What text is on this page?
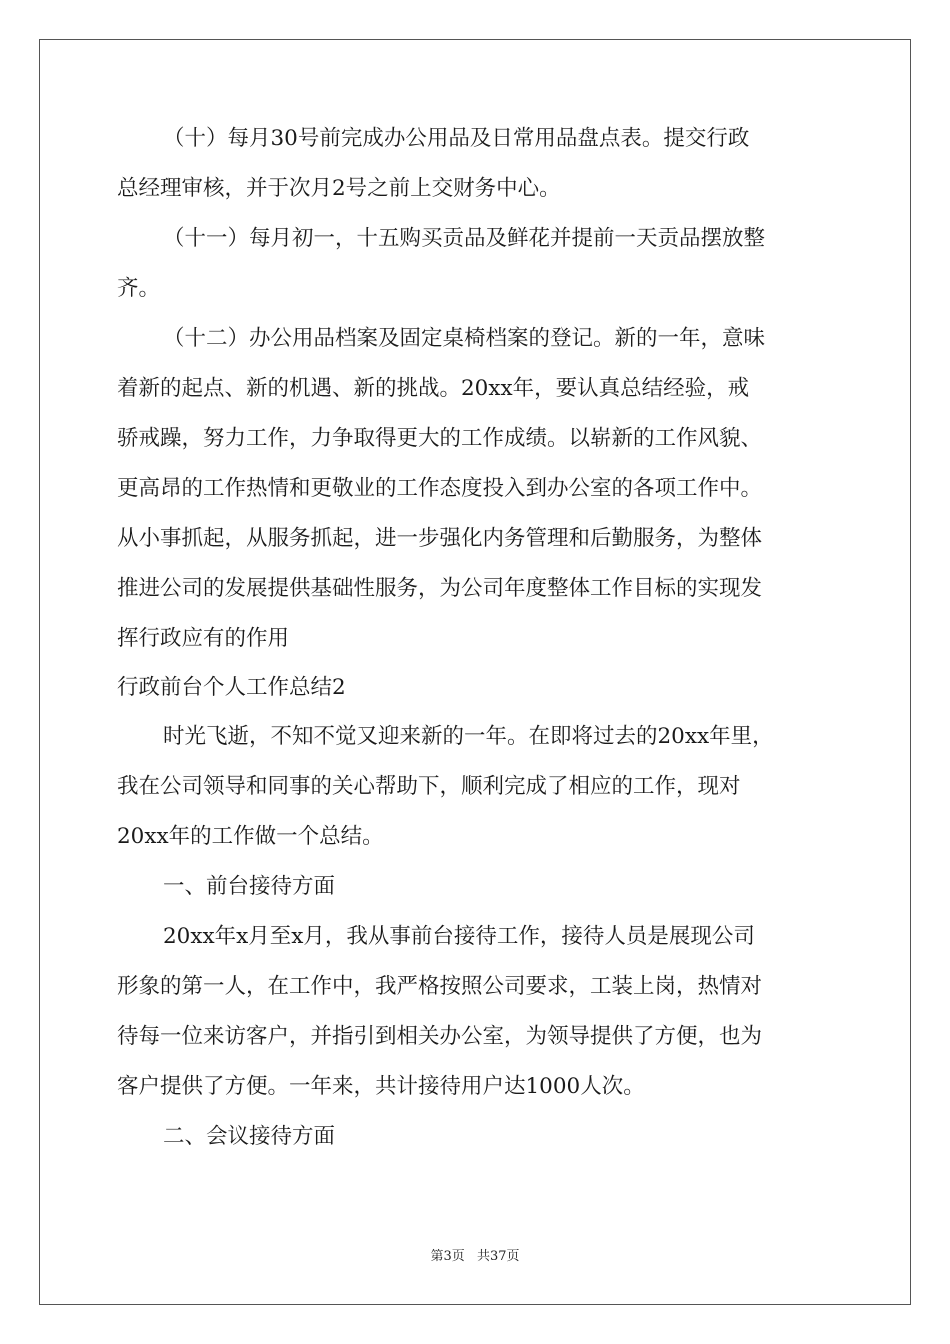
（十）每月30号前完成办公用品及日常用品盘点表。提交行政
总经理审核，并于次月2号之前上交财务中心。
（十一）每月初一，十五购买贡品及鲜花并提前一天贡品摆放整
齐。
（十二）办公用品档案及固定桌椅档案的登记。新的一年，意味
着新的起点、新的机遇、新的挑战。20xx年，要认真总结经验，戒
骄戒躁，努力工作，力争取得更大的工作成绩。以崭新的工作风貌、
更高昂的工作热情和更敬业的工作态度投入到办公室的各项工作中。
从小事抓起，从服务抓起，进一步强化内务管理和后勤服务，为整体
推进公司的发展提供基础性服务，为公司年度整体工作目标的实现发
挥行政应有的作用
行政前台个人工作总结2
时光飞逝，不知不觉又迎来新的一年。在即将过去的20xx年里，
我在公司领导和同事的关心帮助下，顺利完成了相应的工作，现对
20xx年的工作做一个总结。
一、前台接待方面
20xx年x月至x月，我从事前台接待工作，接待人员是展现公司
形象的第一人，在工作中，我严格按照公司要求，工装上岗，热情对
待每一位来访客户，并指引到相关办公室，为领导提供了方便，也为
客户提供了方便。一年来，共计接待用户达1000人次。
二、会议接待方面
第3页 共37页
